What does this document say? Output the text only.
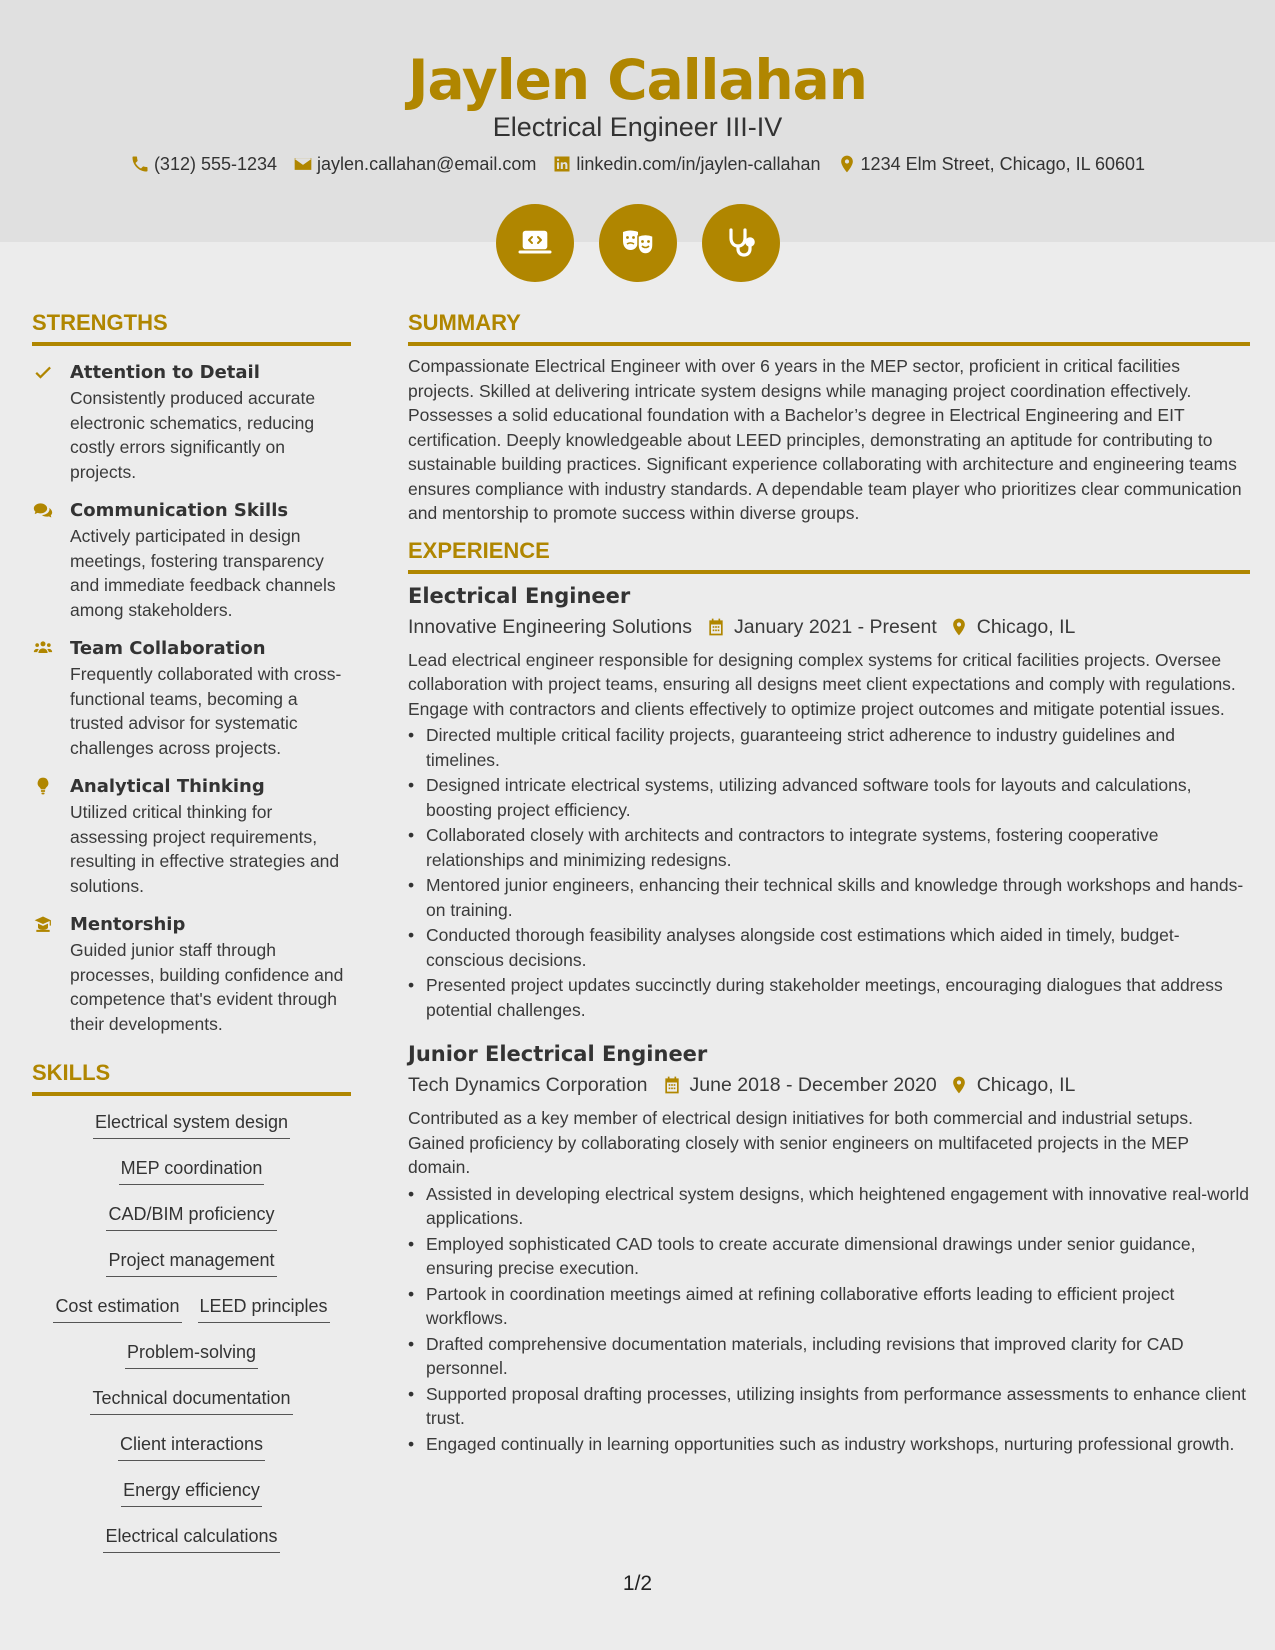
Jaylen Callahan
Electrical Engineer III-IV
(312) 555-1234 jaylen.callahan@email.com linkedin.com/in/jaylen-callahan 1234 Elm Street, Chicago, IL 60601
STRENGTHS
Attention to Detail
Consistently produced accurate electronic schematics, reducing costly errors significantly on projects.
Communication Skills
Actively participated in design meetings, fostering transparency and immediate feedback channels among stakeholders.
Team Collaboration
Frequently collaborated with cross-functional teams, becoming a trusted advisor for systematic challenges across projects.
Analytical Thinking
Utilized critical thinking for assessing project requirements, resulting in effective strategies and solutions.
Mentorship
Guided junior staff through processes, building confidence and competence that's evident through their developments.
SKILLS
Electrical system design
MEP coordination
CAD/BIM proficiency
Project management
Cost estimation LEED principles
Problem-solving
Technical documentation
Client interactions
Energy efficiency
Electrical calculations
SUMMARY
Compassionate Electrical Engineer with over 6 years in the MEP sector, proficient in critical facilities projects. Skilled at delivering intricate system designs while managing project coordination effectively. Possesses a solid educational foundation with a Bachelor’s degree in Electrical Engineering and EIT certification. Deeply knowledgeable about LEED principles, demonstrating an aptitude for contributing to sustainable building practices. Significant experience collaborating with architecture and engineering teams ensures compliance with industry standards. A dependable team player who prioritizes clear communication and mentorship to promote success within diverse groups.
EXPERIENCE
Electrical Engineer
Innovative Engineering Solutions January 2021 - Present Chicago, IL
Lead electrical engineer responsible for designing complex systems for critical facilities projects. Oversee collaboration with project teams, ensuring all designs meet client expectations and comply with regulations. Engage with contractors and clients effectively to optimize project outcomes and mitigate potential issues.
• Directed multiple critical facility projects, guaranteeing strict adherence to industry guidelines and timelines.
• Designed intricate electrical systems, utilizing advanced software tools for layouts and calculations, boosting project efficiency.
• Collaborated closely with architects and contractors to integrate systems, fostering cooperative relationships and minimizing redesigns.
• Mentored junior engineers, enhancing their technical skills and knowledge through workshops and hands-on training.
• Conducted thorough feasibility analyses alongside cost estimations which aided in timely, budget-conscious decisions.
• Presented project updates succinctly during stakeholder meetings, encouraging dialogues that address potential challenges.
Junior Electrical Engineer
Tech Dynamics Corporation June 2018 - December 2020 Chicago, IL
Contributed as a key member of electrical design initiatives for both commercial and industrial setups. Gained proficiency by collaborating closely with senior engineers on multifaceted projects in the MEP domain.
• Assisted in developing electrical system designs, which heightened engagement with innovative real-world applications.
• Employed sophisticated CAD tools to create accurate dimensional drawings under senior guidance, ensuring precise execution.
• Partook in coordination meetings aimed at refining collaborative efforts leading to efficient project workflows.
• Drafted comprehensive documentation materials, including revisions that improved clarity for CAD personnel.
• Supported proposal drafting processes, utilizing insights from performance assessments to enhance client trust.
• Engaged continually in learning opportunities such as industry workshops, nurturing professional growth.
1/2
